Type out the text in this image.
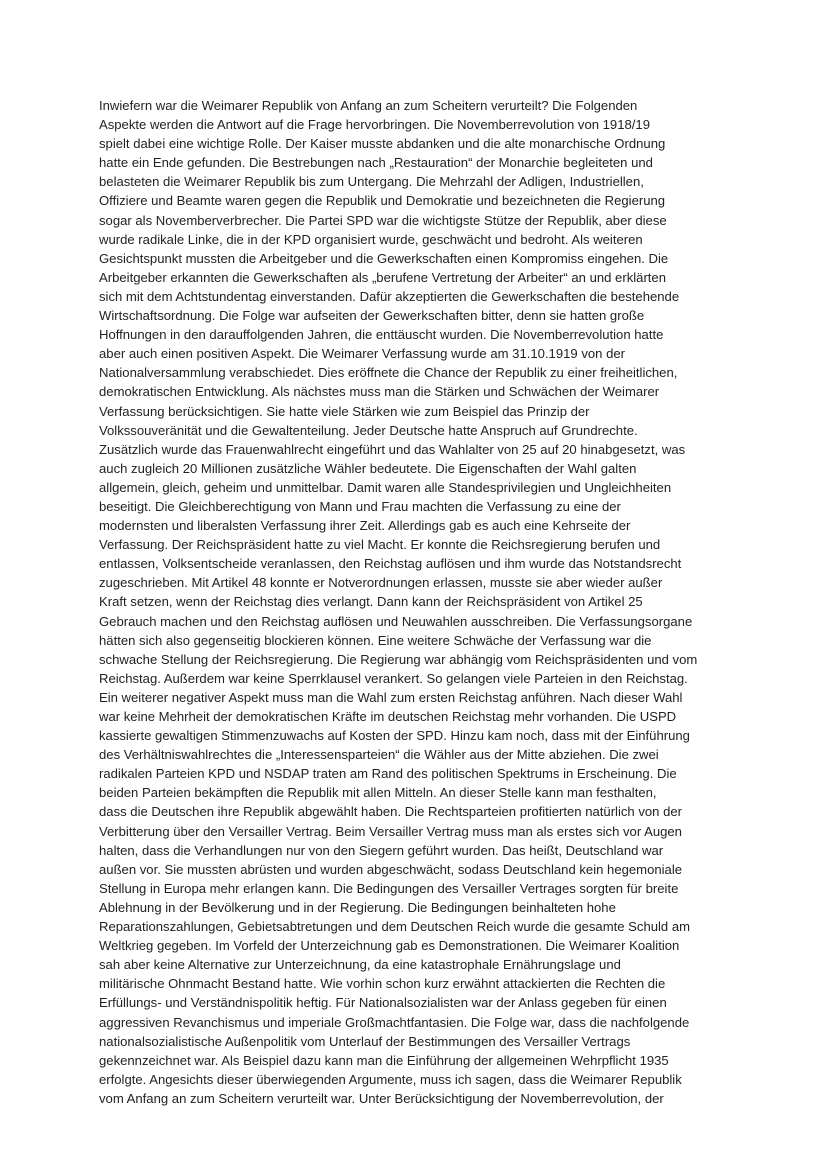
Inwiefern war die Weimarer Republik von Anfang an zum Scheitern verurteilt? Die Folgenden
Aspekte werden die Antwort auf die Frage hervorbringen. Die Novemberrevolution von 1918/19
spielt dabei eine wichtige Rolle. Der Kaiser musste abdanken und die alte monarchische Ordnung
hatte ein Ende gefunden. Die Bestrebungen nach „Restauration“ der Monarchie begleiteten und
belasteten die Weimarer Republik bis zum Untergang. Die Mehrzahl der Adligen, Industriellen,
Offiziere und Beamte waren gegen die Republik und Demokratie und bezeichneten die Regierung
sogar als Novemberverbrecher. Die Partei SPD war die wichtigste Stütze der Republik, aber diese
wurde radikale Linke, die in der KPD organisiert wurde, geschwächt und bedroht. Als weiteren
Gesichtspunkt mussten die Arbeitgeber und die Gewerkschaften einen Kompromiss eingehen. Die
Arbeitgeber erkannten die Gewerkschaften als „berufene Vertretung der Arbeiter“ an und erklärten
sich mit dem Achtstundentag einverstanden. Dafür akzeptierten die Gewerkschaften die bestehende
Wirtschaftsordnung. Die Folge war aufseiten der Gewerkschaften bitter, denn sie hatten große
Hoffnungen in den darauffolgenden Jahren, die enttäuscht wurden. Die Novemberrevolution hatte
aber auch einen positiven Aspekt. Die Weimarer Verfassung wurde am 31.10.1919 von der
Nationalversammlung verabschiedet. Dies eröffnete die Chance der Republik zu einer freiheitlichen,
demokratischen Entwicklung. Als nächstes muss man die Stärken und Schwächen der Weimarer
Verfassung berücksichtigen. Sie hatte viele Stärken wie zum Beispiel das Prinzip der
Volkssouveränität und die Gewaltenteilung. Jeder Deutsche hatte Anspruch auf Grundrechte.
Zusätzlich wurde das Frauenwahlrecht eingeführt und das Wahlalter von 25 auf 20 hinabgesetzt, was
auch zugleich 20 Millionen zusätzliche Wähler bedeutete. Die Eigenschaften der Wahl galten
allgemein, gleich, geheim und unmittelbar. Damit waren alle Standesprivilegien und Ungleichheiten
beseitigt. Die Gleichberechtigung von Mann und Frau machten die Verfassung zu eine der
modernsten und liberalsten Verfassung ihrer Zeit. Allerdings gab es auch eine Kehrseite der
Verfassung. Der Reichspräsident hatte zu viel Macht. Er konnte die Reichsregierung berufen und
entlassen, Volksentscheide veranlassen, den Reichstag auflösen und ihm wurde das Notstandsrecht
zugeschrieben. Mit Artikel 48 konnte er Notverordnungen erlassen, musste sie aber wieder außer
Kraft setzen, wenn der Reichstag dies verlangt. Dann kann der Reichspräsident von Artikel 25
Gebrauch machen und den Reichstag auflösen und Neuwahlen ausschreiben. Die Verfassungsorgane
hätten sich also gegenseitig blockieren können. Eine weitere Schwäche der Verfassung war die
schwache Stellung der Reichsregierung. Die Regierung war abhängig vom Reichspräsidenten und vom
Reichstag. Außerdem war keine Sperrklausel verankert. So gelangen viele Parteien in den Reichstag.
Ein weiterer negativer Aspekt muss man die Wahl zum ersten Reichstag anführen. Nach dieser Wahl
war keine Mehrheit der demokratischen Kräfte im deutschen Reichstag mehr vorhanden. Die USPD
kassierte gewaltigen Stimmenzuwachs auf Kosten der SPD. Hinzu kam noch, dass mit der Einführung
des Verhältniswahlrechtes die „Interessensparteien“ die Wähler aus der Mitte abziehen. Die zwei
radikalen Parteien KPD und NSDAP traten am Rand des politischen Spektrums in Erscheinung. Die
beiden Parteien bekämpften die Republik mit allen Mitteln. An dieser Stelle kann man festhalten,
dass die Deutschen ihre Republik abgewählt haben. Die Rechtsparteien profitierten natürlich von der
Verbitterung über den Versailler Vertrag. Beim Versailler Vertrag muss man als erstes sich vor Augen
halten, dass die Verhandlungen nur von den Siegern geführt wurden. Das heißt, Deutschland war
außen vor. Sie mussten abrüsten und wurden abgeschwächt, sodass Deutschland kein hegemoniale
Stellung in Europa mehr erlangen kann. Die Bedingungen des Versailler Vertrages sorgten für breite
Ablehnung in der Bevölkerung und in der Regierung. Die Bedingungen beinhalteten hohe
Reparationszahlungen, Gebietsabtretungen und dem Deutschen Reich wurde die gesamte Schuld am
Weltkrieg gegeben. Im Vorfeld der Unterzeichnung gab es Demonstrationen. Die Weimarer Koalition
sah aber keine Alternative zur Unterzeichnung, da eine katastrophale Ernährungslage und
militärische Ohnmacht Bestand hatte. Wie vorhin schon kurz erwähnt attackierten die Rechten die
Erfüllungs- und Verständnispolitik heftig. Für Nationalsozialisten war der Anlass gegeben für einen
aggressiven Revanchismus und imperiale Großmachtfantasien. Die Folge war, dass die nachfolgende
nationalsozialistische Außenpolitik vom Unterlauf der Bestimmungen des Versailler Vertrags
gekennzeichnet war. Als Beispiel dazu kann man die Einführung der allgemeinen Wehrpflicht 1935
erfolgte. Angesichts dieser überwiegenden Argumente, muss ich sagen, dass die Weimarer Republik
vom Anfang an zum Scheitern verurteilt war. Unter Berücksichtigung der Novemberrevolution, der
